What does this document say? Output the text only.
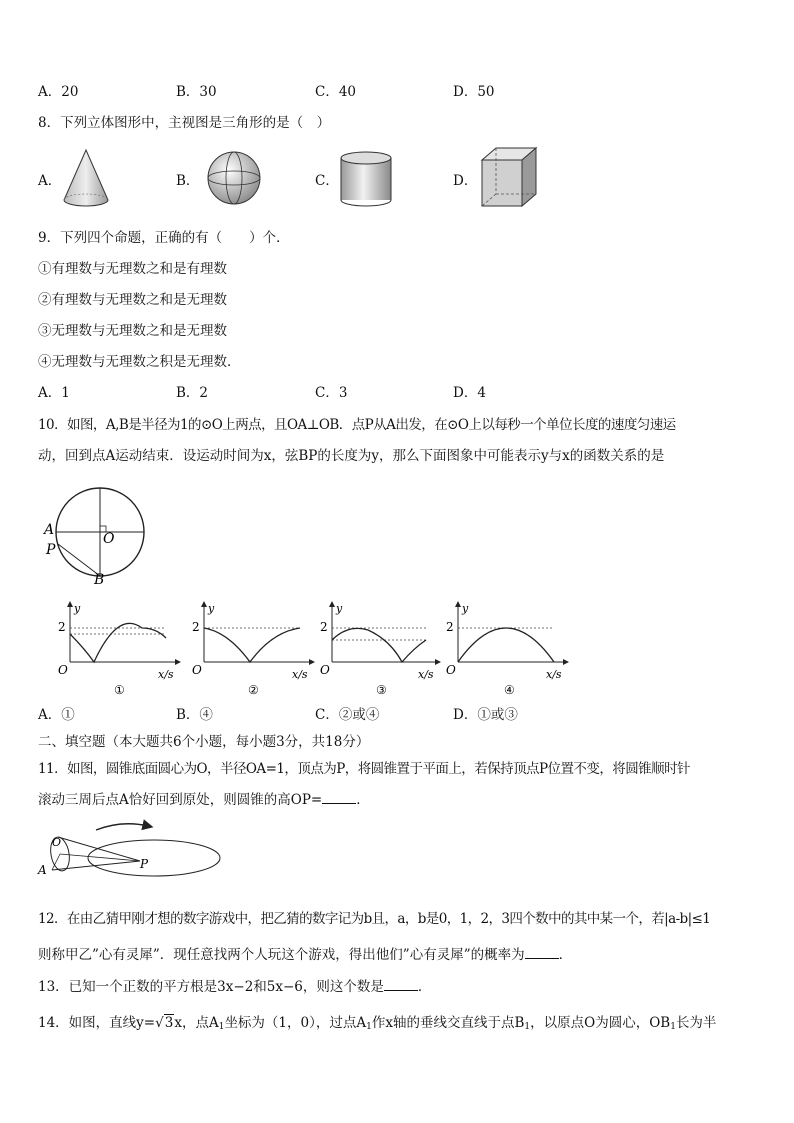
A．20	B．30	C．40	D．50
8．下列立体图形中，主视图是三角形的是（　）
A．	B．	C．	D．
9．下列四个命题，正确的有（　　）个．
①有理数与无理数之和是有理数
②有理数与无理数之和是无理数
③无理数与无理数之和是无理数
④无理数与无理数之积是无理数．
A．1	B．2	C．3	D．4
10．如图，A,B是半径为1的⊙O上两点，且OA⊥OB．点P从A出发，在⊙O上以每秒一个单位长度的速度匀速运
动，回到点A运动结束．设运动时间为x，弦BP的长度为y，那么下面图象中可能表示y与x的函数关系的是
A
O
P
B
y
2
O	x/s
①
y
2
O	x/s
②
y
2
O	x/s
③
y
2
O	x/s
④
A．①	B．④	C．②或④	D．①或③
二、填空题（本大题共6个小题，每小题3分，共18分）
11．如图，圆锥底面圆心为O，半径OA=1，顶点为P，将圆锥置于平面上，若保持顶点P位置不变，将圆锥顺时针
滚动三周后点A恰好回到原处，则圆锥的高OP=	．
O
A	P
12．在由乙猜甲刚才想的数字游戏中，把乙猜的数字记为b且，a，b是0，1，2，3四个数中的其中某一个，若|a-b|≤1
则称甲乙”心有灵犀”．现任意找两个人玩这个游戏，得出他们”心有灵犀”的概率为	．
13．已知一个正数的平方根是3x−2和5x−6，则这个数是	．
14．如图，直线y=√3x，点$A_1$坐标为（1，0），过点$A_1$作x轴的垂线交直线于点$B_1$，以原点O为圆心，$OB_1$长为半
